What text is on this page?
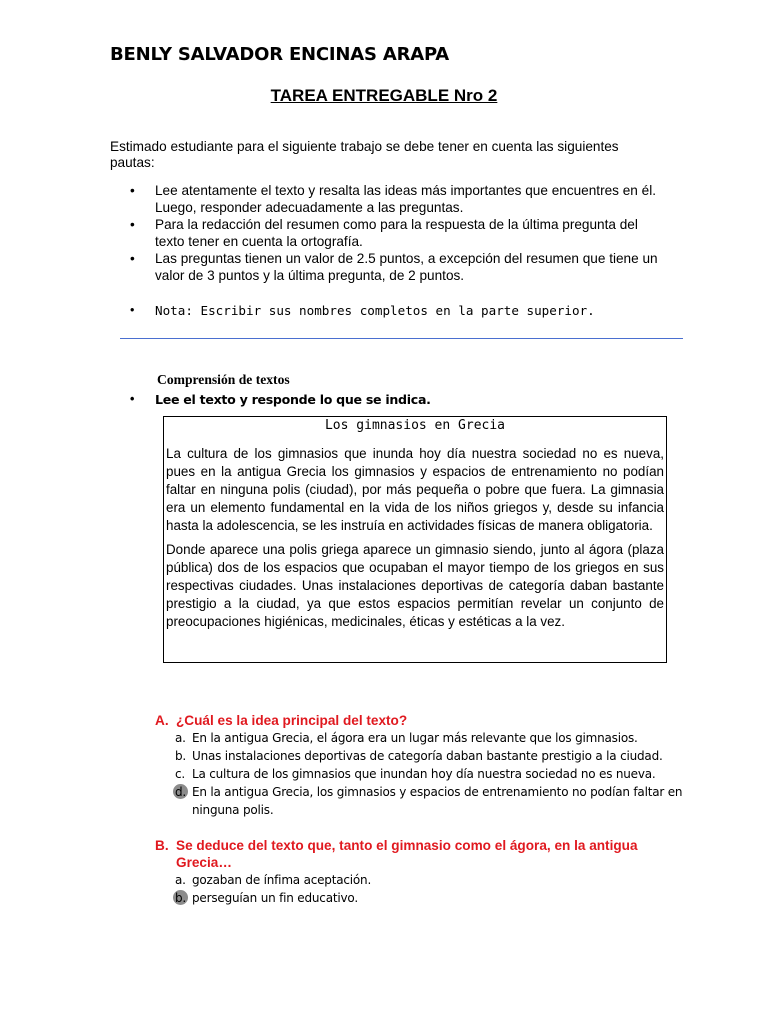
BENLY SALVADOR ENCINAS ARAPA
TAREA ENTREGABLE Nro 2
Estimado estudiante para el siguiente trabajo se debe tener en cuenta las siguientes pautas:
• Lee atentamente el texto y resalta las ideas más importantes que encuentres en él. Luego, responder adecuadamente a las preguntas.
• Para la redacción del resumen como para la respuesta de la última pregunta del texto tener en cuenta la ortografía.
• Las preguntas tienen un valor de 2.5 puntos, a excepción del resumen que tiene un valor de 3 puntos y la última pregunta, de 2 puntos.
• Nota: Escribir sus nombres completos en la parte superior.
Comprensión de textos
• Lee el texto y responde lo que se indica.
Los gimnasios en Grecia

La cultura de los gimnasios que inunda hoy día nuestra sociedad no es nueva, pues en la antigua Grecia los gimnasios y espacios de entrenamiento no podían faltar en ninguna polis (ciudad), por más pequeña o pobre que fuera. La gimnasia era un elemento fundamental en la vida de los niños griegos y, desde su infancia hasta la adolescencia, se les instruía en actividades físicas de manera obligatoria.

Donde aparece una polis griega aparece un gimnasio siendo, junto al ágora (plaza pública) dos de los espacios que ocupaban el mayor tiempo de los griegos en sus respectivas ciudades. Unas instalaciones deportivas de categoría daban bastante prestigio a la ciudad, ya que estos espacios permitían revelar un conjunto de preocupaciones higiénicas, medicinales, éticas y estéticas a la vez.

A. ¿Cuál es la idea principal del texto?
a. En la antigua Grecia, el ágora era un lugar más relevante que los gimnasios.
b. Unas instalaciones deportivas de categoría daban bastante prestigio a la ciudad.
c. La cultura de los gimnasios que inundan hoy día nuestra sociedad no es nueva.
d. En la antigua Grecia, los gimnasios y espacios de entrenamiento no podían faltar en ninguna polis.
B. Se deduce del texto que, tanto el gimnasio como el ágora, en la antigua Grecia…
a. gozaban de ínfima aceptación.
b. perseguían un fin educativo.
